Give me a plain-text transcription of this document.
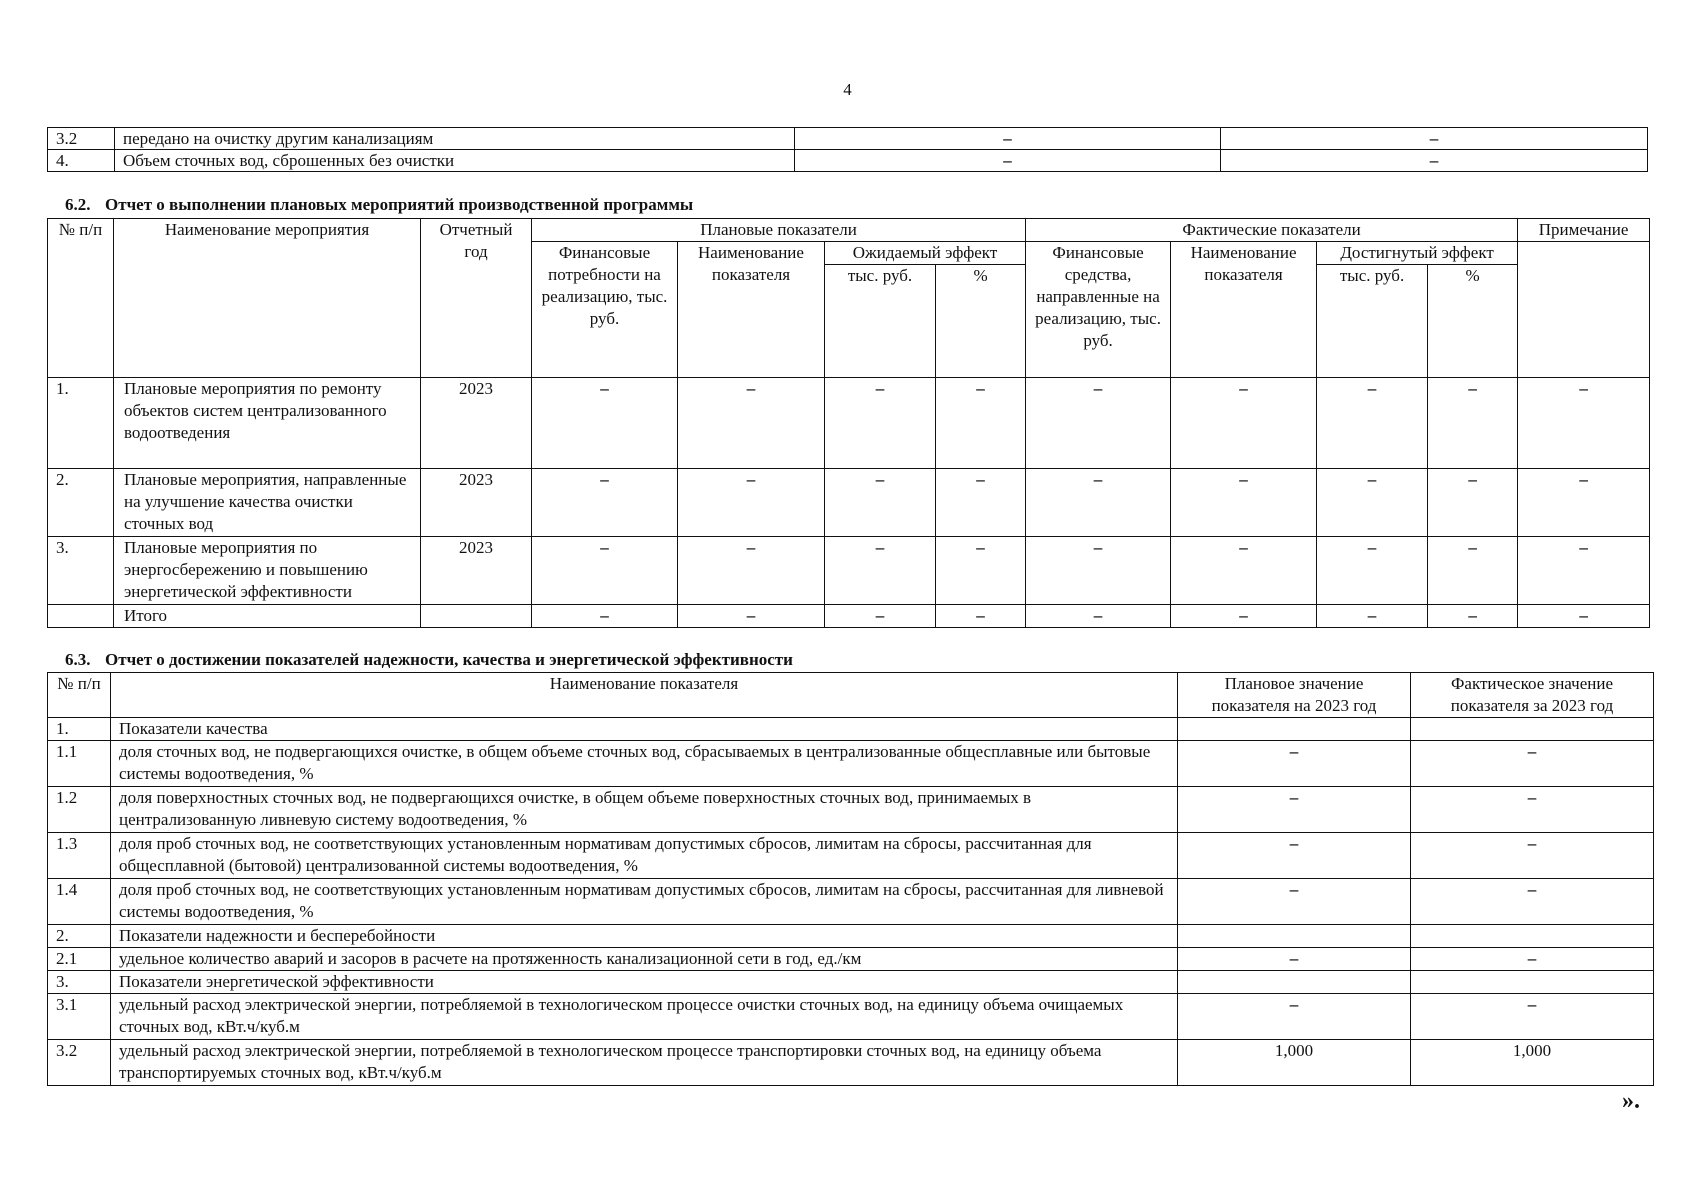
4
3.2	передано на очистку другим канализациям	–	–
4.	Объем сточных вод, сброшенных без очистки	–	–
6.2. Отчет о выполнении плановых мероприятий производственной программы
№ п/п	Наименование мероприятия	Отчетный год	Плановые показатели				Фактические показатели				Примечание
			Финансовые потребности на реализацию, тыс. руб.	Наименование показателя	Ожидаемый эффект		Финансовые средства, направленные на реализацию, тыс. руб.	Наименование показателя	Достигнутый эффект		
					тыс. руб.	%			тыс. руб.	%	
1.	Плановые мероприятия по ремонту объектов систем централизованного водоотведения	2023	–	–	–	–	–	–	–	–	–
2.	Плановые мероприятия, направленные на улучшение качества очистки сточных вод	2023	–	–	–	–	–	–	–	–	–
3.	Плановые мероприятия по энергосбережению и повышению энергетической эффективности	2023	–	–	–	–	–	–	–	–	–
	Итого		–	–	–	–	–	–	–	–	–
6.3. Отчет о достижении показателей надежности, качества и энергетической эффективности
№ п/п	Наименование показателя	Плановое значение показателя на 2023 год	Фактическое значение показателя за 2023 год
1.	Показатели качества		
1.1	доля сточных вод, не подвергающихся очистке, в общем объеме сточных вод, сбрасываемых в централизованные общесплавные или бытовые системы водоотведения, %	–	–
1.2	доля поверхностных сточных вод, не подвергающихся очистке, в общем объеме поверхностных сточных вод, принимаемых в централизованную ливневую систему водоотведения, %	–	–
1.3	доля проб сточных вод, не соответствующих установленным нормативам допустимых сбросов, лимитам на сбросы, рассчитанная для общесплавной (бытовой) централизованной системы водоотведения, %	–	–
1.4	доля проб сточных вод, не соответствующих установленным нормативам допустимых сбросов, лимитам на сбросы, рассчитанная для ливневой системы водоотведения, %	–	–
2.	Показатели надежности и бесперебойности		
2.1	удельное количество аварий и засоров в расчете на протяженность канализационной сети в год, ед./км	–	–
3.	Показатели энергетической эффективности		
3.1	удельный расход электрической энергии, потребляемой в технологическом процессе очистки сточных вод, на единицу объема очищаемых сточных вод, кВт.ч/куб.м	–	–
3.2	удельный расход электрической энергии, потребляемой в технологическом процессе транспортировки сточных вод, на единицу объема транспортируемых сточных вод, кВт.ч/куб.м	1,000	1,000
».
